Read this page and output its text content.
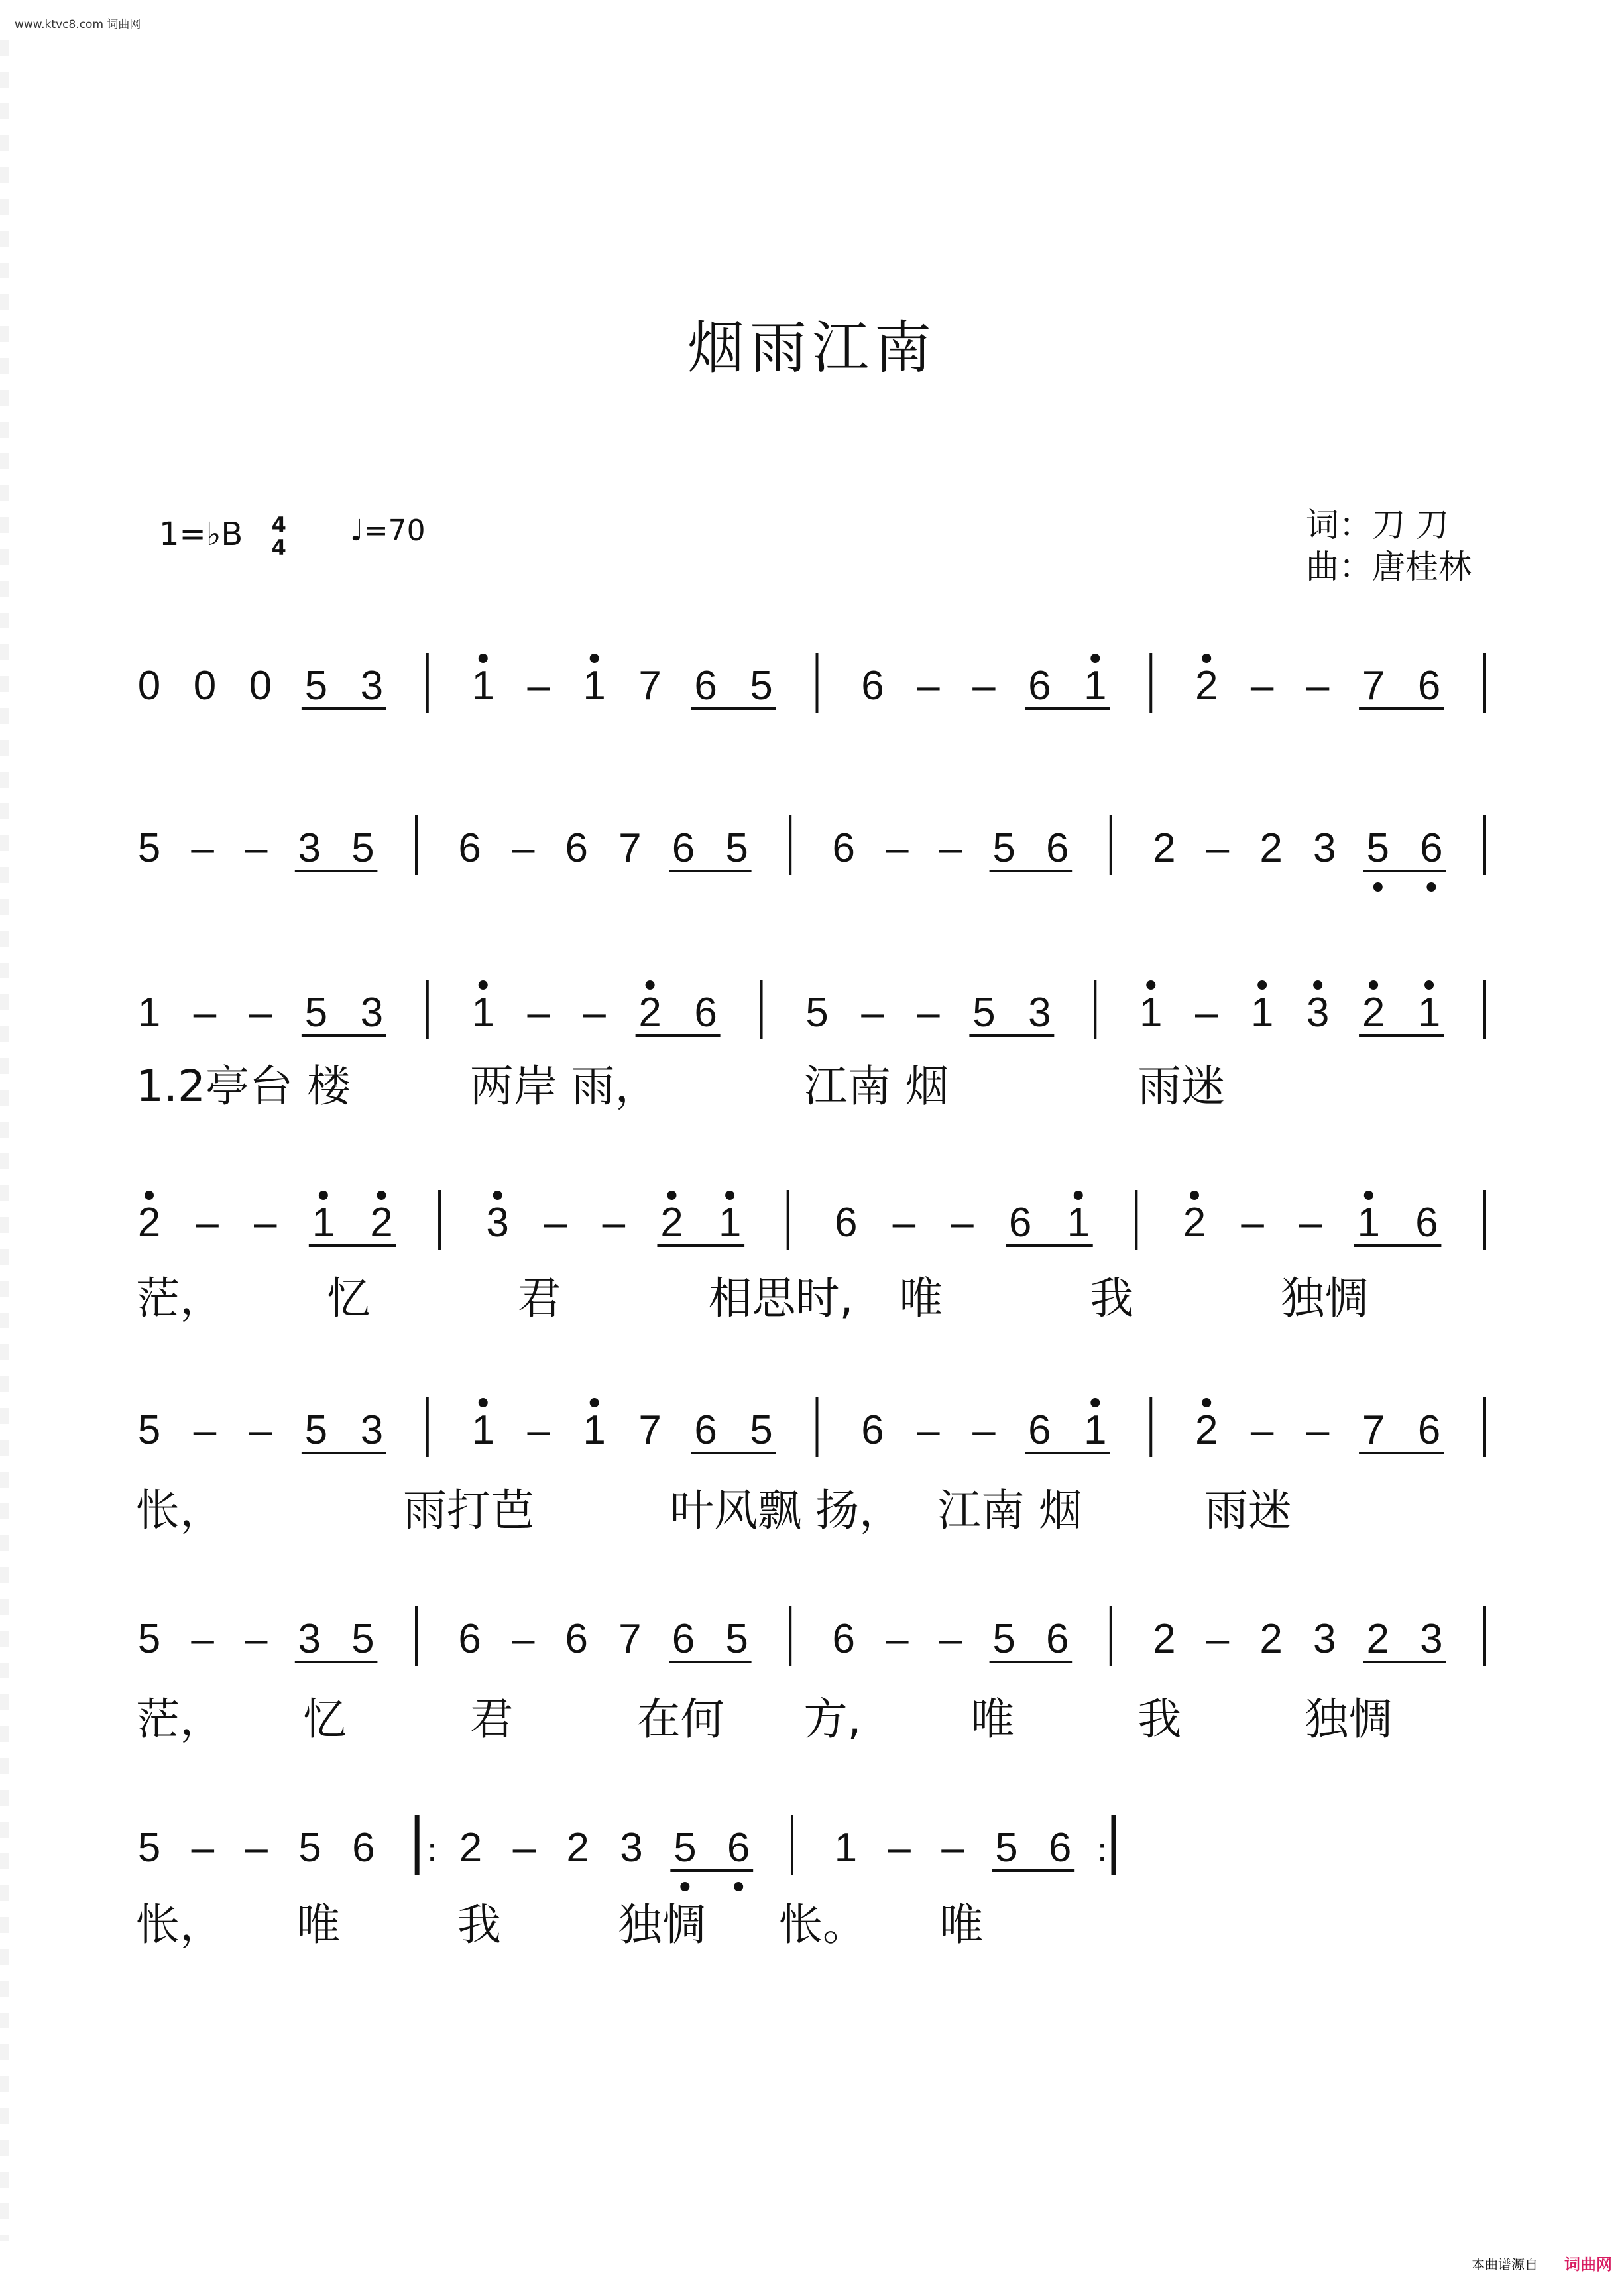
www.ktvc8.com 词曲网
烟雨江南
1=♭B 4
4 ♩=70	词：刀 刀
曲：唐桂林
0 0 0 5 3 1 – 1 7 6 5 6 – – 6 1 2 – – 7 6
5 – – 3 5 6 – 6 7 6 5 6 – – 5 6 2 – 2 3 5 6
1 – – 5 3 1 – – 2 6 5 – – 5 3 1 – 1 3 2 1
2 – – 1 2 3 – – 2 1 6 – – 6 1 2 – – 1 6
5 – – 5 3 1 – 1 7 6 5 6 – – 6 1 2 – – 7 6
5 – – 3 5 6 – 6 7 6 5 6 – – 5 6 2 – 2 3 2 3
5 – – 5 6 : 2 – 2 3 5 6 1 – – 5 6 :
1.2亭台 楼	两岸 雨，	江南 烟	雨迷
茫， 忆	君	相思时, 唯	我	独惆
怅，	雨打芭	叶风飘 扬， 江南 烟	雨迷
茫， 忆	君	在何 方, 唯	我	独惆
怅， 唯	我	独惆 怅。 唯
本曲谱源自 词曲网
